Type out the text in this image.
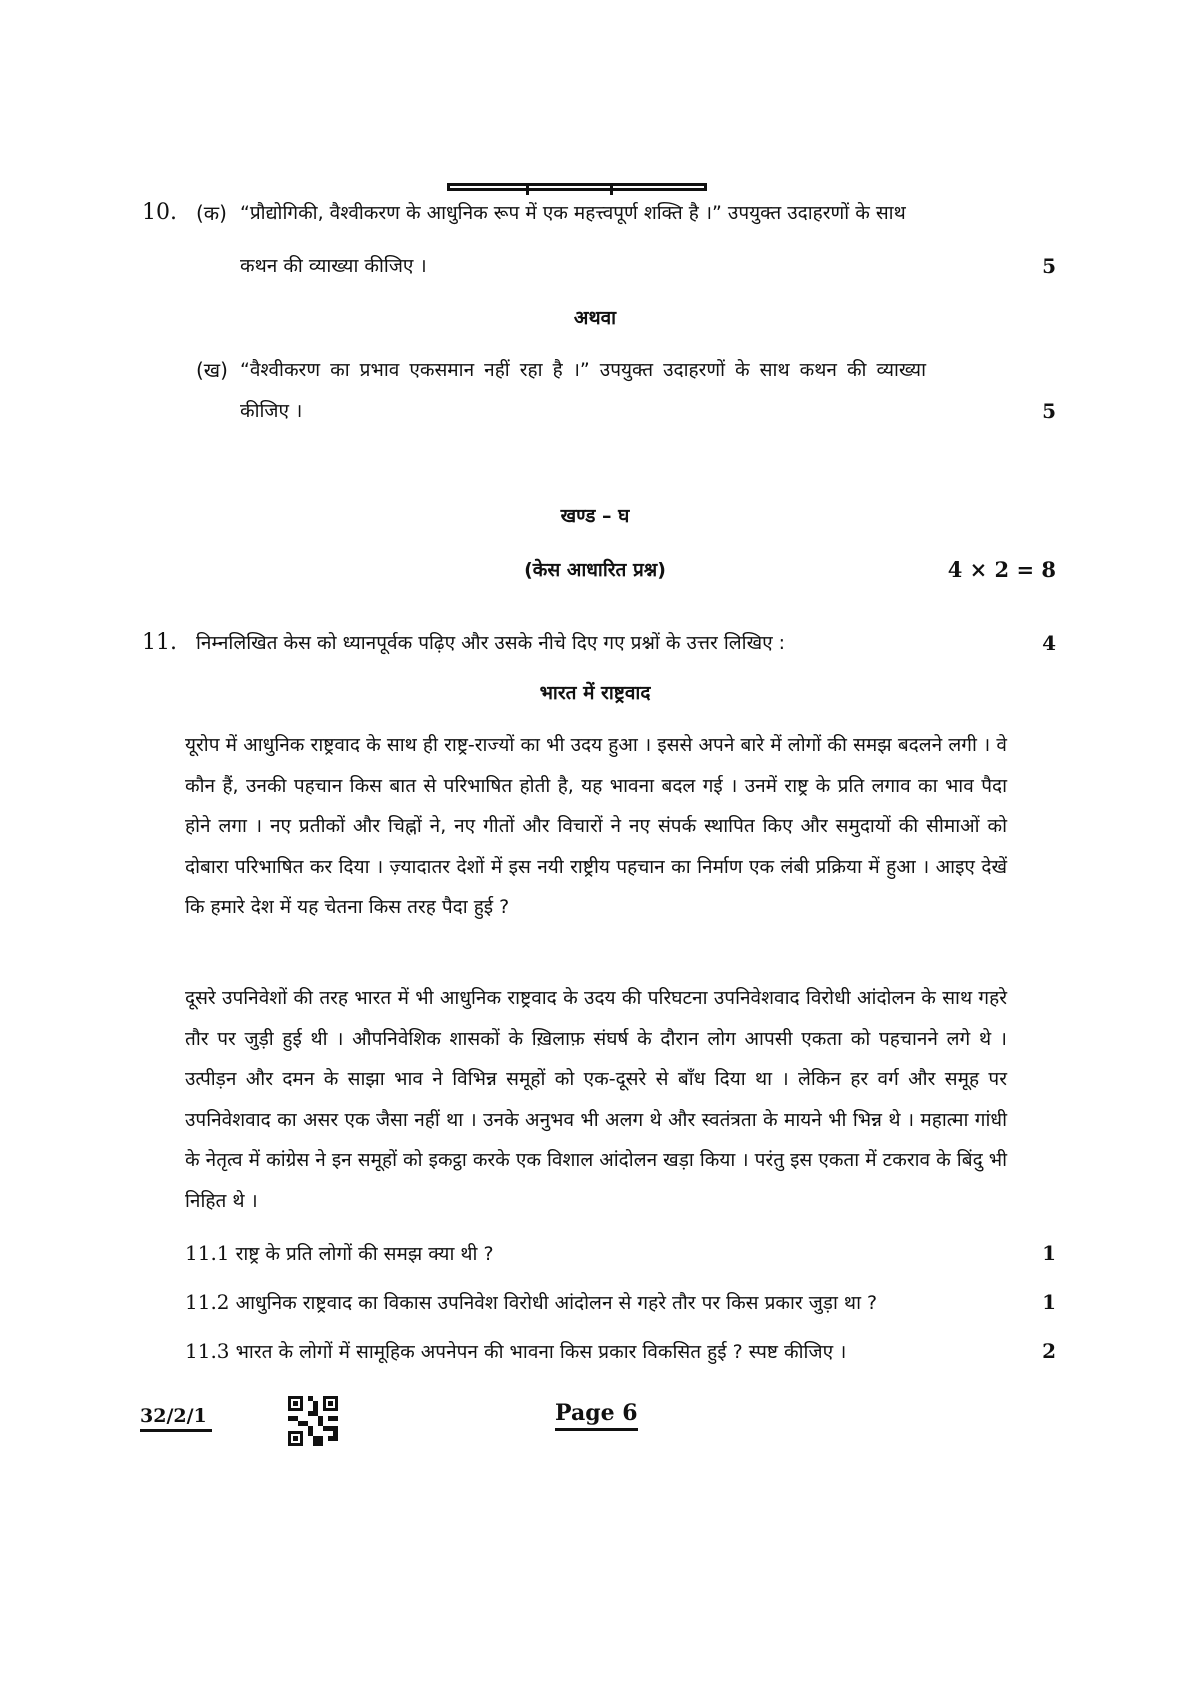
10. (क) “प्रौद्योगिकी, वैश्वीकरण के आधुनिक रूप में एक महत्त्वपूर्ण शक्ति है ।” उपयुक्त उदाहरणों के साथ
कथन की व्याख्या कीजिए ।	5
अथवा
(ख) “वैश्वीकरण का प्रभाव एकसमान नहीं रहा है ।” उपयुक्त उदाहरणों के साथ कथन की व्याख्या
कीजिए ।	5
खण्ड – घ
(केस आधारित प्रश्न)	4 × 2 = 8
11. निम्नलिखित केस को ध्यानपूर्वक पढ़िए और उसके नीचे दिए गए प्रश्नों के उत्तर लिखिए :	4
भारत में राष्ट्रवाद

यूरोप में आधुनिक राष्ट्रवाद के साथ ही राष्ट्र-राज्यों का भी उदय हुआ । इससे अपने बारे में लोगों की समझ बदलने लगी । वे कौन हैं, उनकी पहचान किस बात से परिभाषित होती है, यह भावना बदल गई । उनमें राष्ट्र के प्रति लगाव का भाव पैदा होने लगा । नए प्रतीकों और चिह्नों ने, नए गीतों और विचारों ने नए संपर्क स्थापित किए और समुदायों की सीमाओं को दोबारा परिभाषित कर दिया । ज़्यादातर देशों में इस नयी राष्ट्रीय पहचान का निर्माण एक लंबी प्रक्रिया में हुआ । आइए देखें कि हमारे देश में यह चेतना किस तरह पैदा हुई ?

दूसरे उपनिवेशों की तरह भारत में भी आधुनिक राष्ट्रवाद के उदय की परिघटना उपनिवेशवाद विरोधी आंदोलन के साथ गहरे तौर पर जुड़ी हुई थी । औपनिवेशिक शासकों के ख़िलाफ़ संघर्ष के दौरान लोग आपसी एकता को पहचानने लगे थे । उत्पीड़न और दमन के साझा भाव ने विभिन्न समूहों को एक-दूसरे से बाँध दिया था । लेकिन हर वर्ग और समूह पर उपनिवेशवाद का असर एक जैसा नहीं था । उनके अनुभव भी अलग थे और स्वतंत्रता के मायने भी भिन्न थे । महात्मा गांधी के नेतृत्व में कांग्रेस ने इन समूहों को इकट्ठा करके एक विशाल आंदोलन खड़ा किया । परंतु इस एकता में टकराव के बिंदु भी निहित थे ।

11.1 राष्ट्र के प्रति लोगों की समझ क्या थी ?	1
11.2 आधुनिक राष्ट्रवाद का विकास उपनिवेश विरोधी आंदोलन से गहरे तौर पर किस प्रकार जुड़ा था ?	1
11.3 भारत के लोगों में सामूहिक अपनेपन की भावना किस प्रकार विकसित हुई ? स्पष्ट कीजिए ।	2
32/2/1	Page 6
